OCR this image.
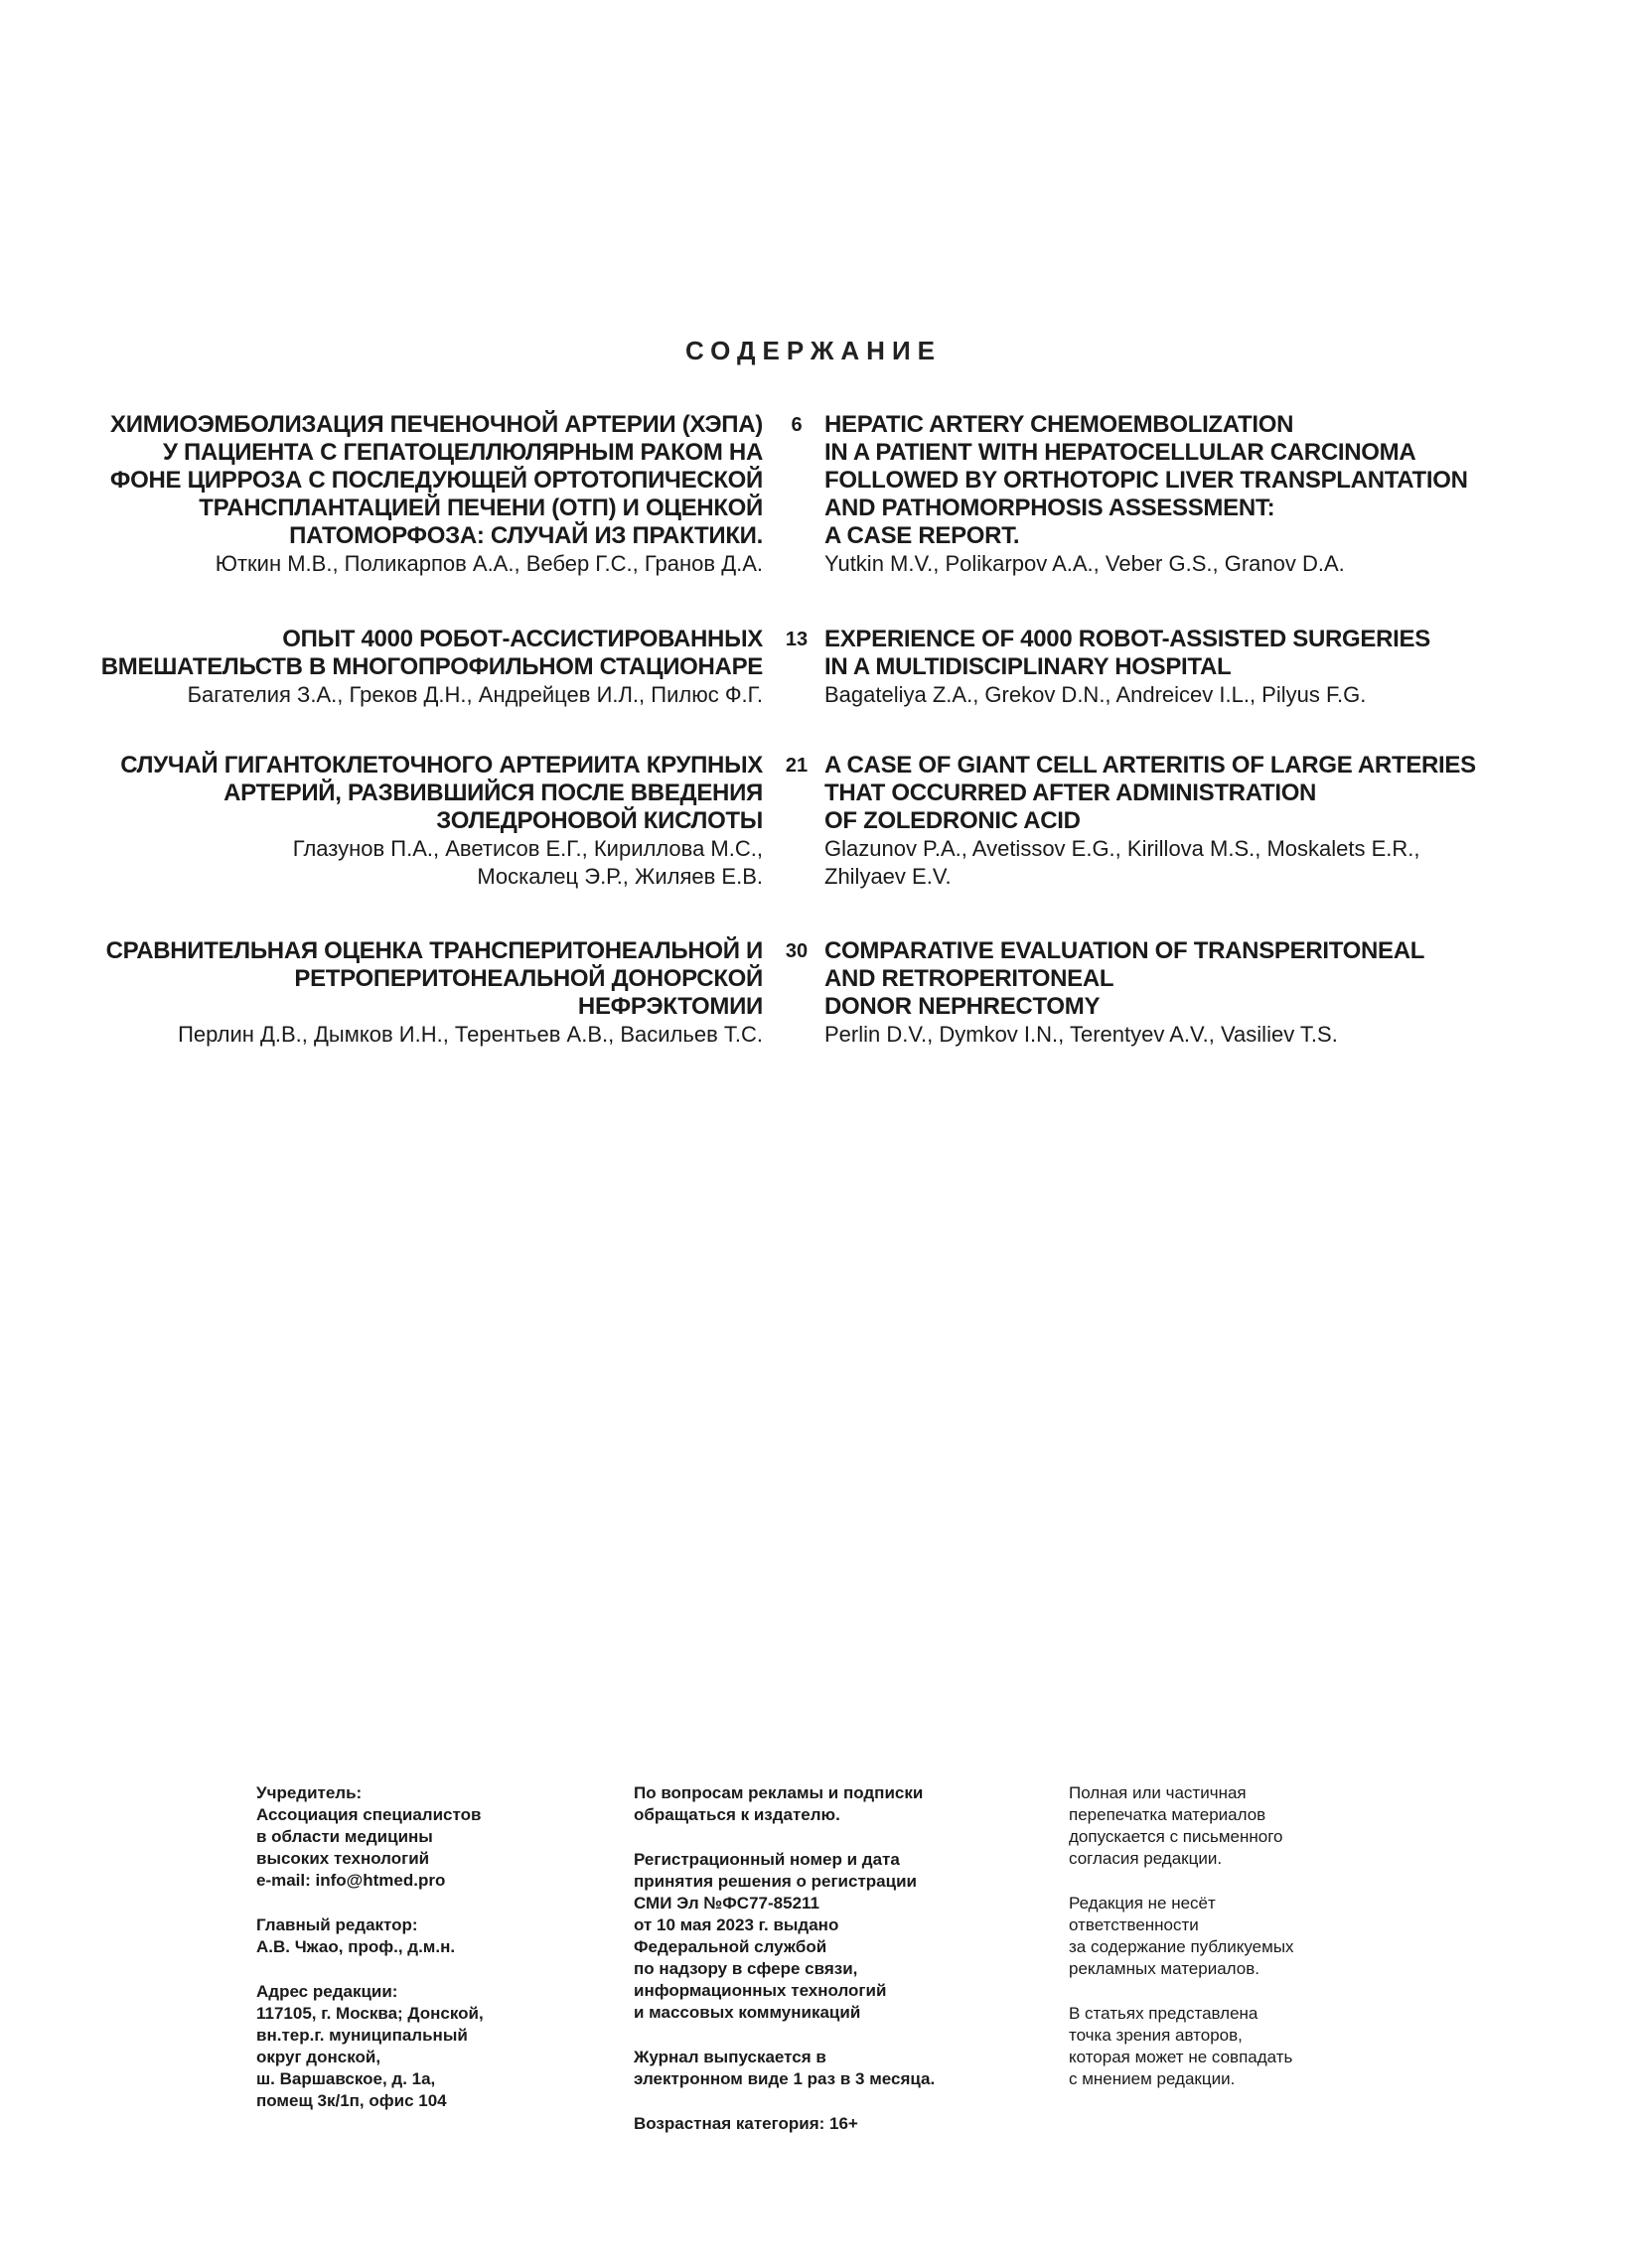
СОДЕРЖАНИЕ
ХИМИОЭМБОЛИЗАЦИЯ ПЕЧЕНОЧНОЙ АРТЕРИИ (ХЭПА)
У ПАЦИЕНТА С ГЕПАТОЦЕЛЛЮЛЯРНЫМ РАКОМ НА
ФОНЕ ЦИРРОЗА С ПОСЛЕДУЮЩЕЙ ОРТОТОПИЧЕСКОЙ
ТРАНСПЛАНТАЦИЕЙ ПЕЧЕНИ (ОТП) И ОЦЕНКОЙ
ПАТОМОРФОЗА: СЛУЧАЙ ИЗ ПРАКТИКИ.
Юткин М.В., Поликарпов А.А., Вебер Г.С., Гранов Д.А.
6 HEPATIC ARTERY CHEMOEMBOLIZATION
IN A PATIENT WITH HEPATOCELLULAR CARCINOMA
FOLLOWED BY ORTHOTOPIC LIVER TRANSPLANTATION
AND PATHOMORPHOSIS ASSESSMENT:
A CASE REPORT.
Yutkin M.V., Polikarpov A.A., Veber G.S., Granov D.A.
ОПЫТ 4000 РОБОТ-АССИСТИРОВАННЫХ
ВМЕШАТЕЛЬСТВ В МНОГОПРОФИЛЬНОМ СТАЦИОНАРЕ
Багателия З.А., Греков Д.Н., Андрейцев И.Л., Пилюс Ф.Г.
13 EXPERIENCE OF 4000 ROBOT-ASSISTED SURGERIES
IN A MULTIDISCIPLINARY HOSPITAL
Bagateliya Z.A., Grekov D.N., Andreicev I.L., Pilyus F.G.
СЛУЧАЙ ГИГАНТОКЛЕТОЧНОГО АРТЕРИИТА КРУПНЫХ
АРТЕРИЙ, РАЗВИВШИЙСЯ ПОСЛЕ ВВЕДЕНИЯ
ЗОЛЕДРОНОВОЙ КИСЛОТЫ
Глазунов П.А., Аветисов Е.Г., Кириллова М.С.,
Москалец Э.Р., Жиляев Е.В.
21 A CASE OF GIANT CELL ARTERITIS OF LARGE ARTERIES
THAT OCCURRED AFTER ADMINISTRATION
OF ZOLEDRONIC ACID
Glazunov P.A., Avetissov E.G., Kirillova M.S., Moskalets E.R.,
Zhilyaev E.V.
СРАВНИТЕЛЬНАЯ ОЦЕНКА ТРАНСПЕРИТОНЕАЛЬНОЙ И
РЕТРОПЕРИТОНЕАЛЬНОЙ ДОНОРСКОЙ
НЕФРЭКТОМИИ
Перлин Д.В., Дымков И.Н., Терентьев А.В., Васильев Т.С.
30 COMPARATIVE EVALUATION OF TRANSPERITONEAL
AND RETROPERITONEAL
DONOR NEPHRECTOMY
Perlin D.V., Dymkov I.N., Terentyev A.V., Vasiliev T.S.

Учредитель:
Ассоциация специалистов
в области медицины
высоких технологий
e-mail: info@htmed.pro

Главный редактор:
А.В. Чжао, проф., д.м.н.

Адрес редакции:
117105, г. Москва; Донской,
вн.тер.г. муниципальный
округ донской,
ш. Варшавское, д. 1а,
помещ 3к/1п, офис 104

По вопросам рекламы и подписки
обращаться к издателю.

Регистрационный номер и дата
принятия решения о регистрации
СМИ Эл №ФС77-85211
от 10 мая 2023 г. выдано
Федеральной службой
по надзору в сфере связи,
информационных технологий
и массовых коммуникаций

Журнал выпускается в
электронном виде 1 раз в 3 месяца.

Возрастная категория: 16+

Полная или частичная
перепечатка материалов
допускается с письменного
согласия редакции.

Редакция не несёт
ответственности
за содержание публикуемых
рекламных материалов.

В статьях представлена
точка зрения авторов,
которая может не совпадать
с мнением редакции.
